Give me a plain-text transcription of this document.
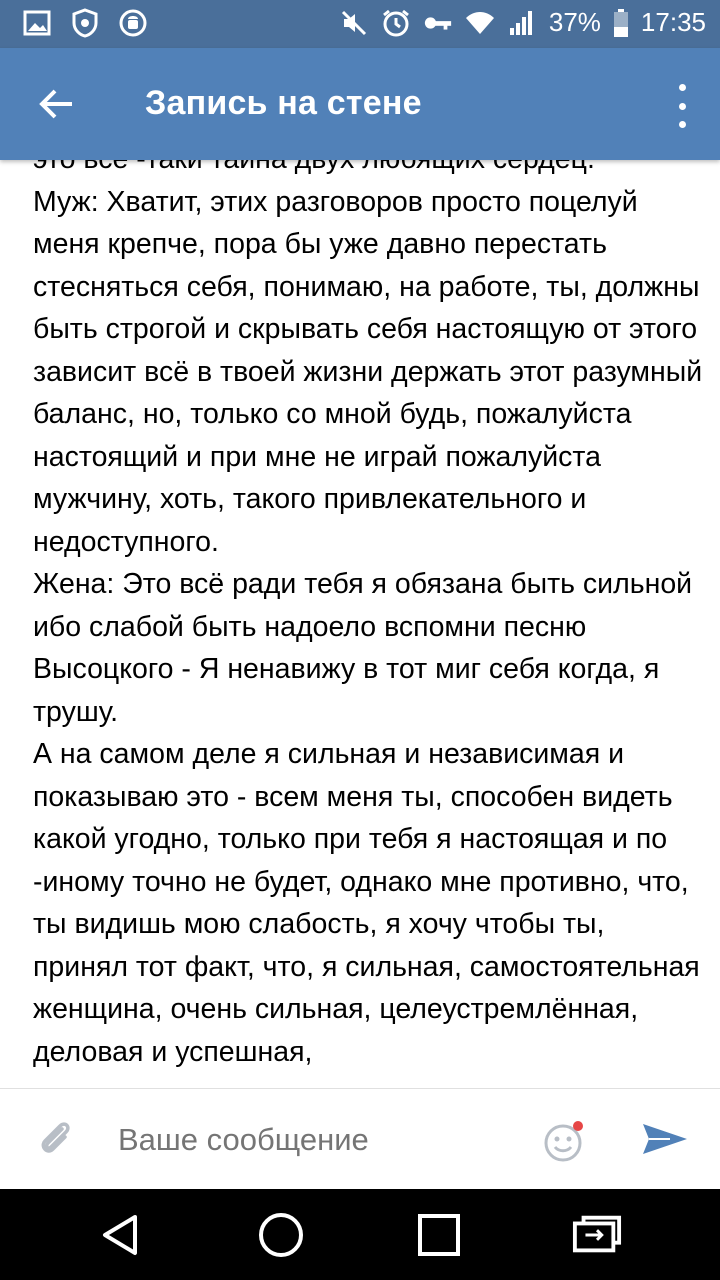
37% 17:35
Запись на стене

Муж: Хватит, этих разговоров просто поцелуй меня крепче, пора бы уже давно перестать стесняться себя, понимаю, на работе, ты, должны быть строгой и скрывать себя настоящую от этого зависит всё в твоей жизни держать этот разумный баланс, но, только со мной будь, пожалуйста настоящий и при мне не играй пожалуйста мужчину, хоть, такого привлекательного и недоступного.

Жена: Это всё ради тебя я обязана быть сильной ибо слабой быть надоело вспомни песню Высоцкого - Я ненавижу в тот миг себя когда, я трушу.

А на самом деле я сильная и независимая и показываю это - всем меня ты, способен видеть какой угодно, только при тебя я настоящая и по -иному точно не будет, однако мне противно, что, ты видишь мою слабость, я хочу чтобы ты, принял тот факт, что, я сильная, самостоятельная женщина, очень сильная, целеустремлённая, деловая и успешная,

Ваше сообщение
